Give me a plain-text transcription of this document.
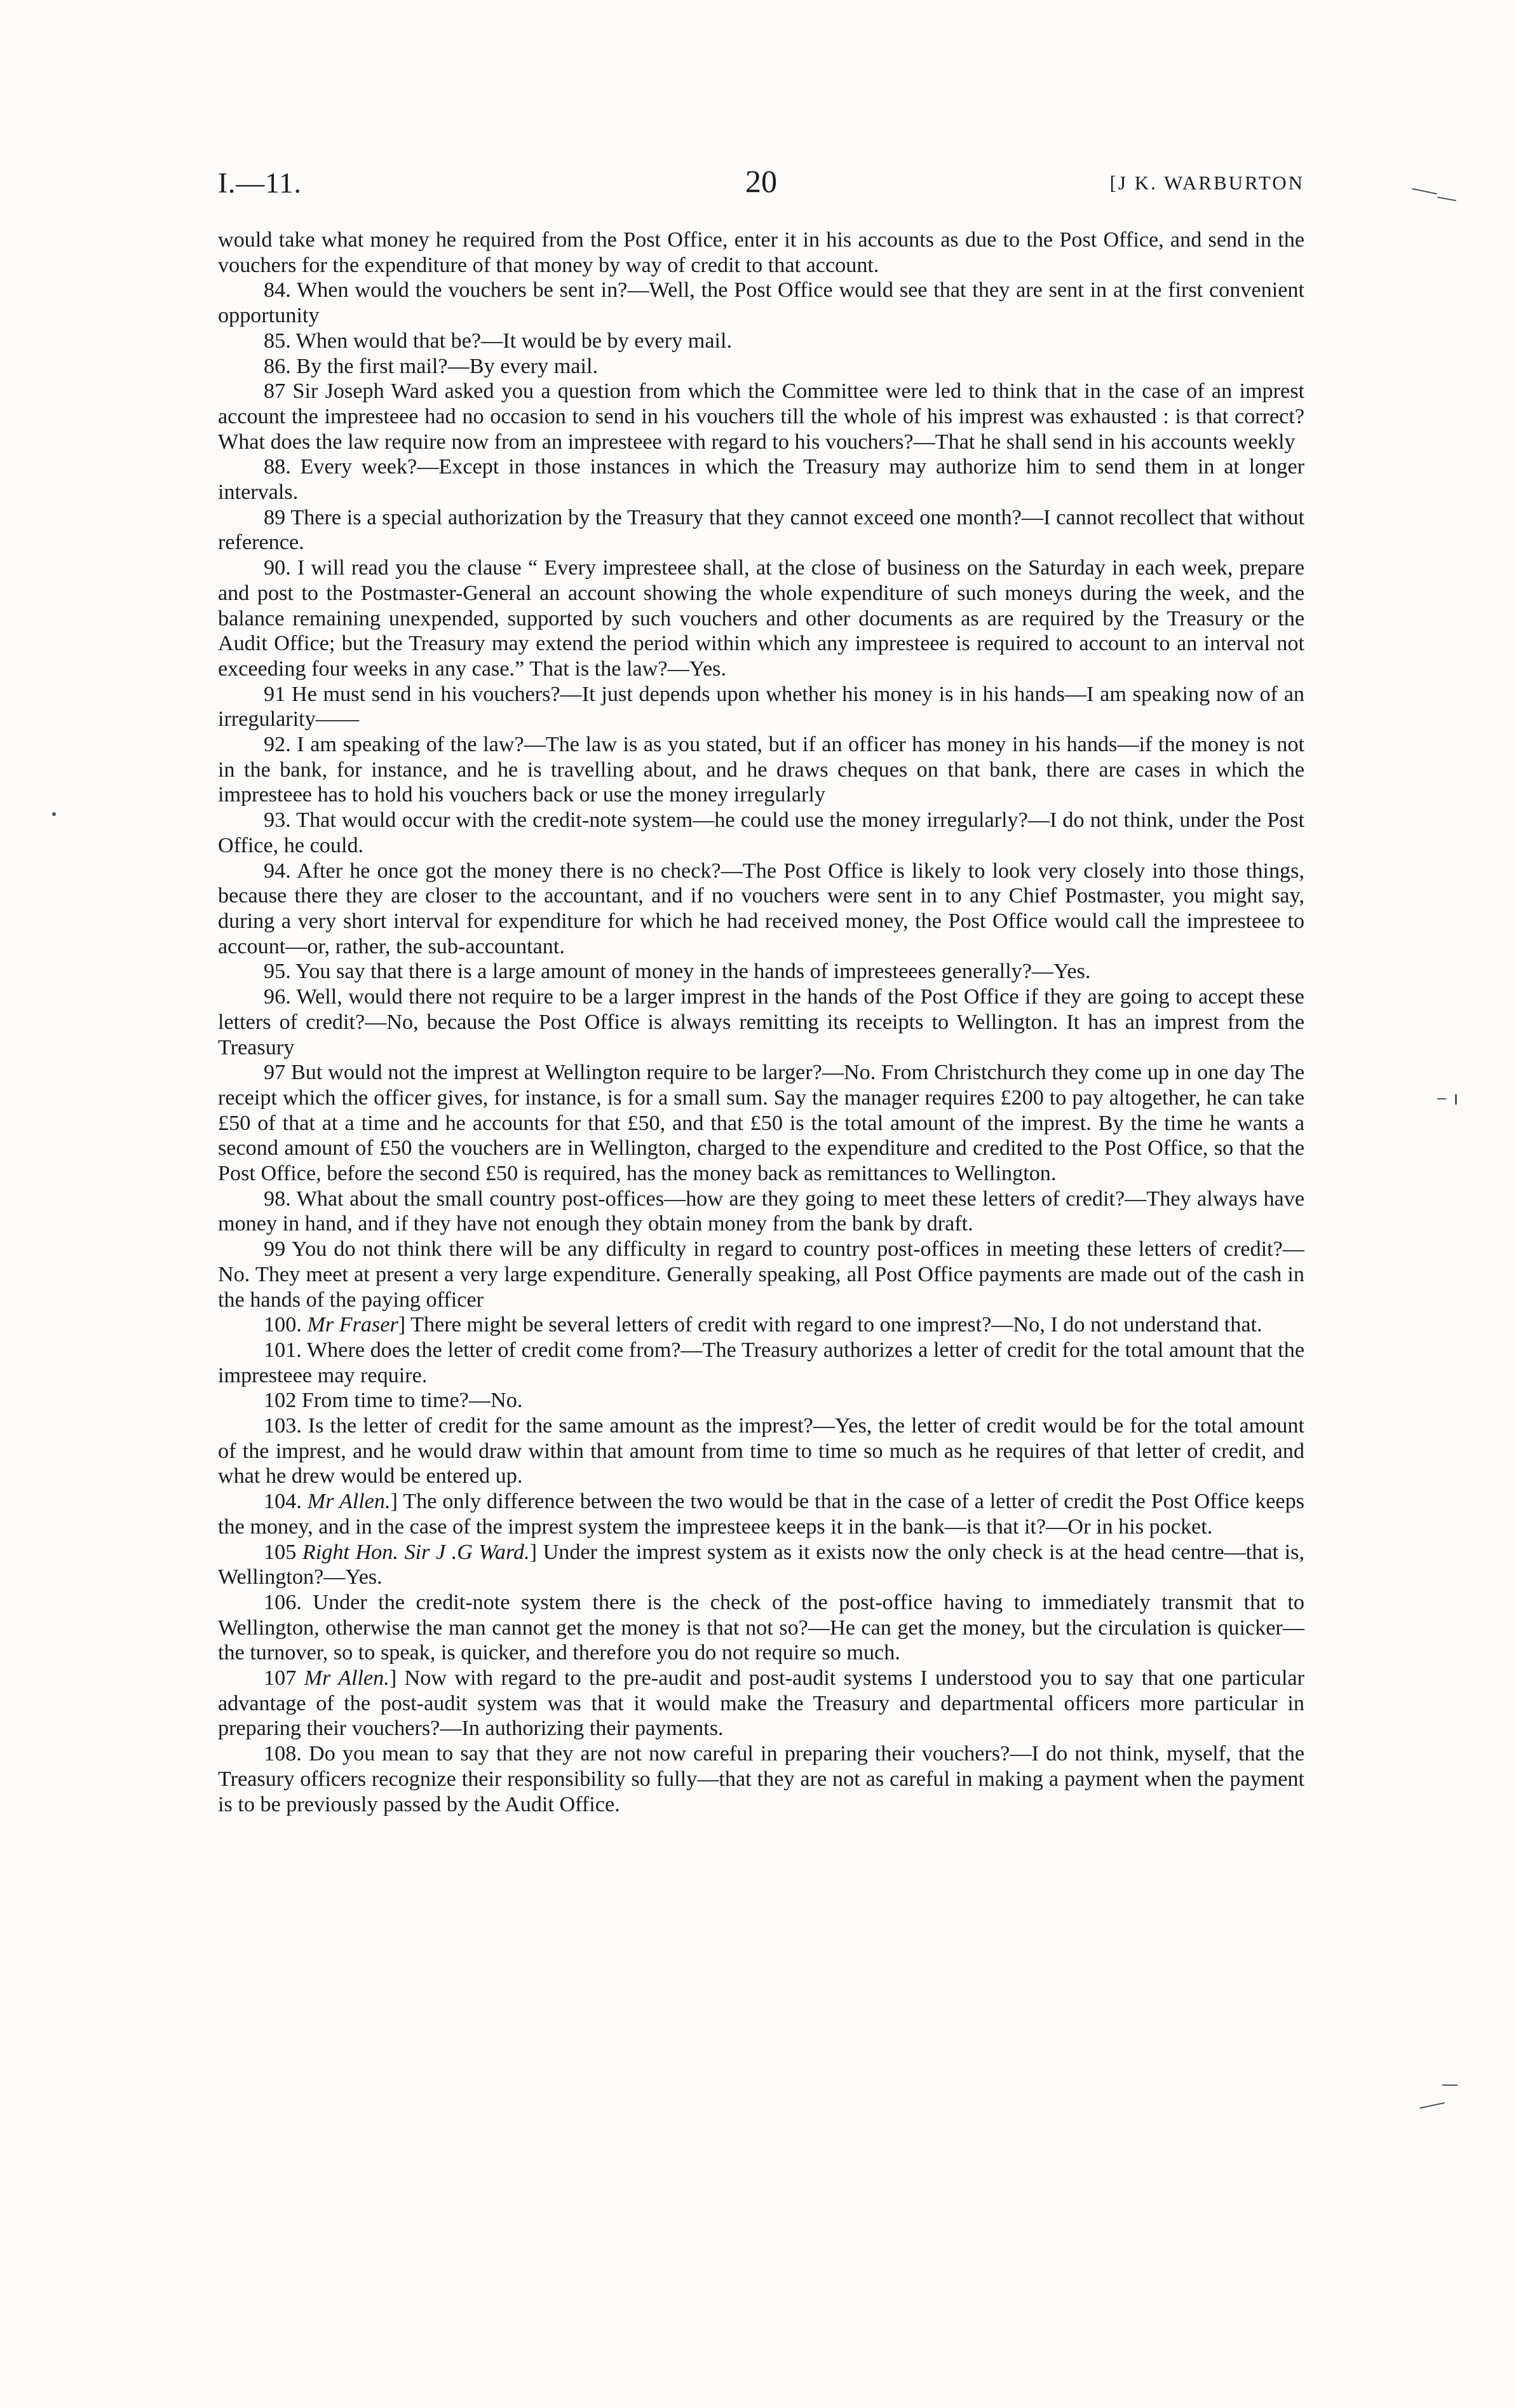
I.—11.	20	[J K. WARBURTON

would take what money he required from the Post Office, enter it in his accounts as due to the Post Office, and send in the vouchers for the expenditure of that money by way of credit to that account.

84. When would the vouchers be sent in?—Well, the Post Office would see that they are sent in at the first convenient opportunity

85. When would that be?—It would be by every mail.

86. By the first mail?—By every mail.

87 Sir Joseph Ward asked you a question from which the Committee were led to think that in the case of an imprest account the impresteee had no occasion to send in his vouchers till the whole of his imprest was exhausted : is that correct? What does the law require now from an impresteee with regard to his vouchers?—That he shall send in his accounts weekly

88. Every week?—Except in those instances in which the Treasury may authorize him to send them in at longer intervals.

89 There is a special authorization by the Treasury that they cannot exceed one month?—I cannot recollect that without reference.

90. I will read you the clause “ Every impresteee shall, at the close of business on the Saturday in each week, prepare and post to the Postmaster-General an account showing the whole expenditure of such moneys during the week, and the balance remaining unexpended, supported by such vouchers and other documents as are required by the Treasury or the Audit Office; but the Treasury may extend the period within which any impresteee is required to account to an interval not exceeding four weeks in any case.” That is the law?—Yes.

91 He must send in his vouchers?—It just depends upon whether his money is in his hands—I am speaking now of an irregularity——

92. I am speaking of the law?—The law is as you stated, but if an officer has money in his hands—if the money is not in the bank, for instance, and he is travelling about, and he draws cheques on that bank, there are cases in which the impresteee has to hold his vouchers back or use the money irregularly

93. That would occur with the credit-note system—he could use the money irregularly?—I do not think, under the Post Office, he could.

94. After he once got the money there is no check?—The Post Office is likely to look very closely into those things, because there they are closer to the accountant, and if no vouchers were sent in to any Chief Postmaster, you might say, during a very short interval for expenditure for which he had received money, the Post Office would call the impresteee to account—or, rather, the sub-accountant.

95. You say that there is a large amount of money in the hands of impresteees generally?—Yes.

96. Well, would there not require to be a larger imprest in the hands of the Post Office if they are going to accept these letters of credit?—No, because the Post Office is always remitting its receipts to Wellington. It has an imprest from the Treasury

97 But would not the imprest at Wellington require to be larger?—No. From Christchurch they come up in one day The receipt which the officer gives, for instance, is for a small sum. Say the manager requires £200 to pay altogether, he can take £50 of that at a time and he accounts for that £50, and that £50 is the total amount of the imprest. By the time he wants a second amount of £50 the vouchers are in Wellington, charged to the expenditure and credited to the Post Office, so that the Post Office, before the second £50 is required, has the money back as remittances to Wellington.

98. What about the small country post-offices—how are they going to meet these letters of credit?—They always have money in hand, and if they have not enough they obtain money from the bank by draft.

99 You do not think there will be any difficulty in regard to country post-offices in meeting these letters of credit?—No. They meet at present a very large expenditure. Generally speaking, all Post Office payments are made out of the cash in the hands of the paying officer

100. Mr Fraser] There might be several letters of credit with regard to one imprest?—No, I do not understand that.

101. Where does the letter of credit come from?—The Treasury authorizes a letter of credit for the total amount that the impresteee may require.

102 From time to time?—No.

103. Is the letter of credit for the same amount as the imprest?—Yes, the letter of credit would be for the total amount of the imprest, and he would draw within that amount from time to time so much as he requires of that letter of credit, and what he drew would be entered up.

104. Mr Allen.] The only difference between the two would be that in the case of a letter of credit the Post Office keeps the money, and in the case of the imprest system the impresteee keeps it in the bank—is that it?—Or in his pocket.

105 Right Hon. Sir J .G Ward.] Under the imprest system as it exists now the only check is at the head centre—that is, Wellington?—Yes.

106. Under the credit-note system there is the check of the post-office having to immediately transmit that to Wellington, otherwise the man cannot get the money is that not so?—He can get the money, but the circulation is quicker—the turnover, so to speak, is quicker, and therefore you do not require so much.

107 Mr Allen.] Now with regard to the pre-audit and post-audit systems I understood you to say that one particular advantage of the post-audit system was that it would make the Treasury and departmental officers more particular in preparing their vouchers?—In authorizing their payments.

108. Do you mean to say that they are not now careful in preparing their vouchers?—I do not think, myself, that the Treasury officers recognize their responsibility so fully—that they are not as careful in making a payment when the payment is to be previously passed by the Audit Office.
